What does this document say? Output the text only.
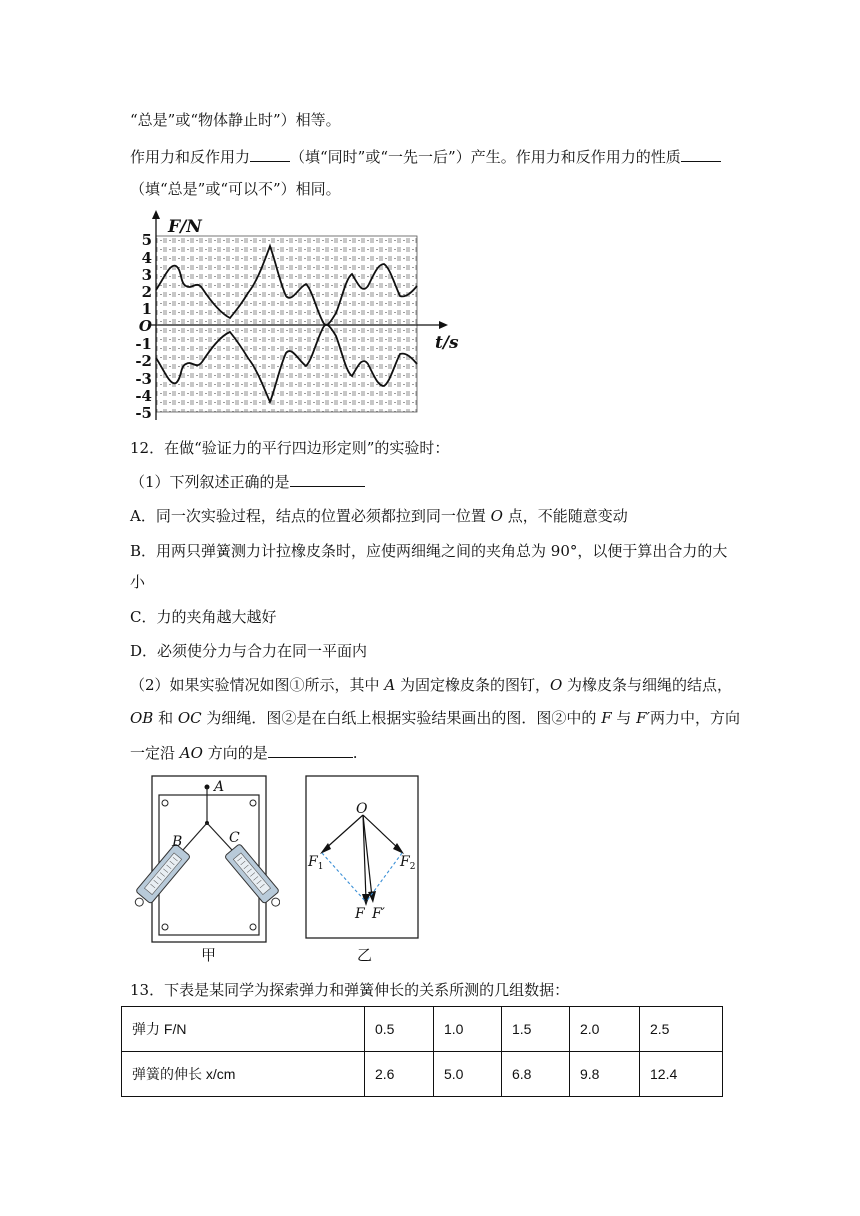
“总是”或“物体静止时”）相等。
作用力和反作用力	（填“同时”或“一先一后”）产生。作用力和反作用力的性质
（填“总是”或“可以不”）相同。
5
4
3
2
1
-1
-2
-3
-4
-5
O
F/N
t/s
12．在做“验证力的平行四边形定则”的实验时：
（1）下列叙述正确的是
A．同一次实验过程，结点的位置必须都拉到同一位置 O 点，不能随意变动
B．用两只弹簧测力计拉橡皮条时，应使两细绳之间的夹角总为 90°，以便于算出合力的大
小
C．力的夹角越大越好
D．必须使分力与合力在同一平面内
（2）如果实验情况如图①所示，其中 A 为固定橡皮条的图钉，O 为橡皮条与细绳的结点，
OB 和 OC 为细绳．图②是在白纸上根据实验结果画出的图．图②中的 F 与 F′两力中，方向
一定沿 AO 方向的是	.
A
B	C
甲
O
$F_1$	$F_2$
F F′
乙
13．下表是某同学为探索弹力和弹簧伸长的关系所测的几组数据：
弹力 F/N	0.5	1.0	1.5	2.0	2.5
弹簧的伸长 x/cm	2.6	5.0	6.8	9.8	12.4
